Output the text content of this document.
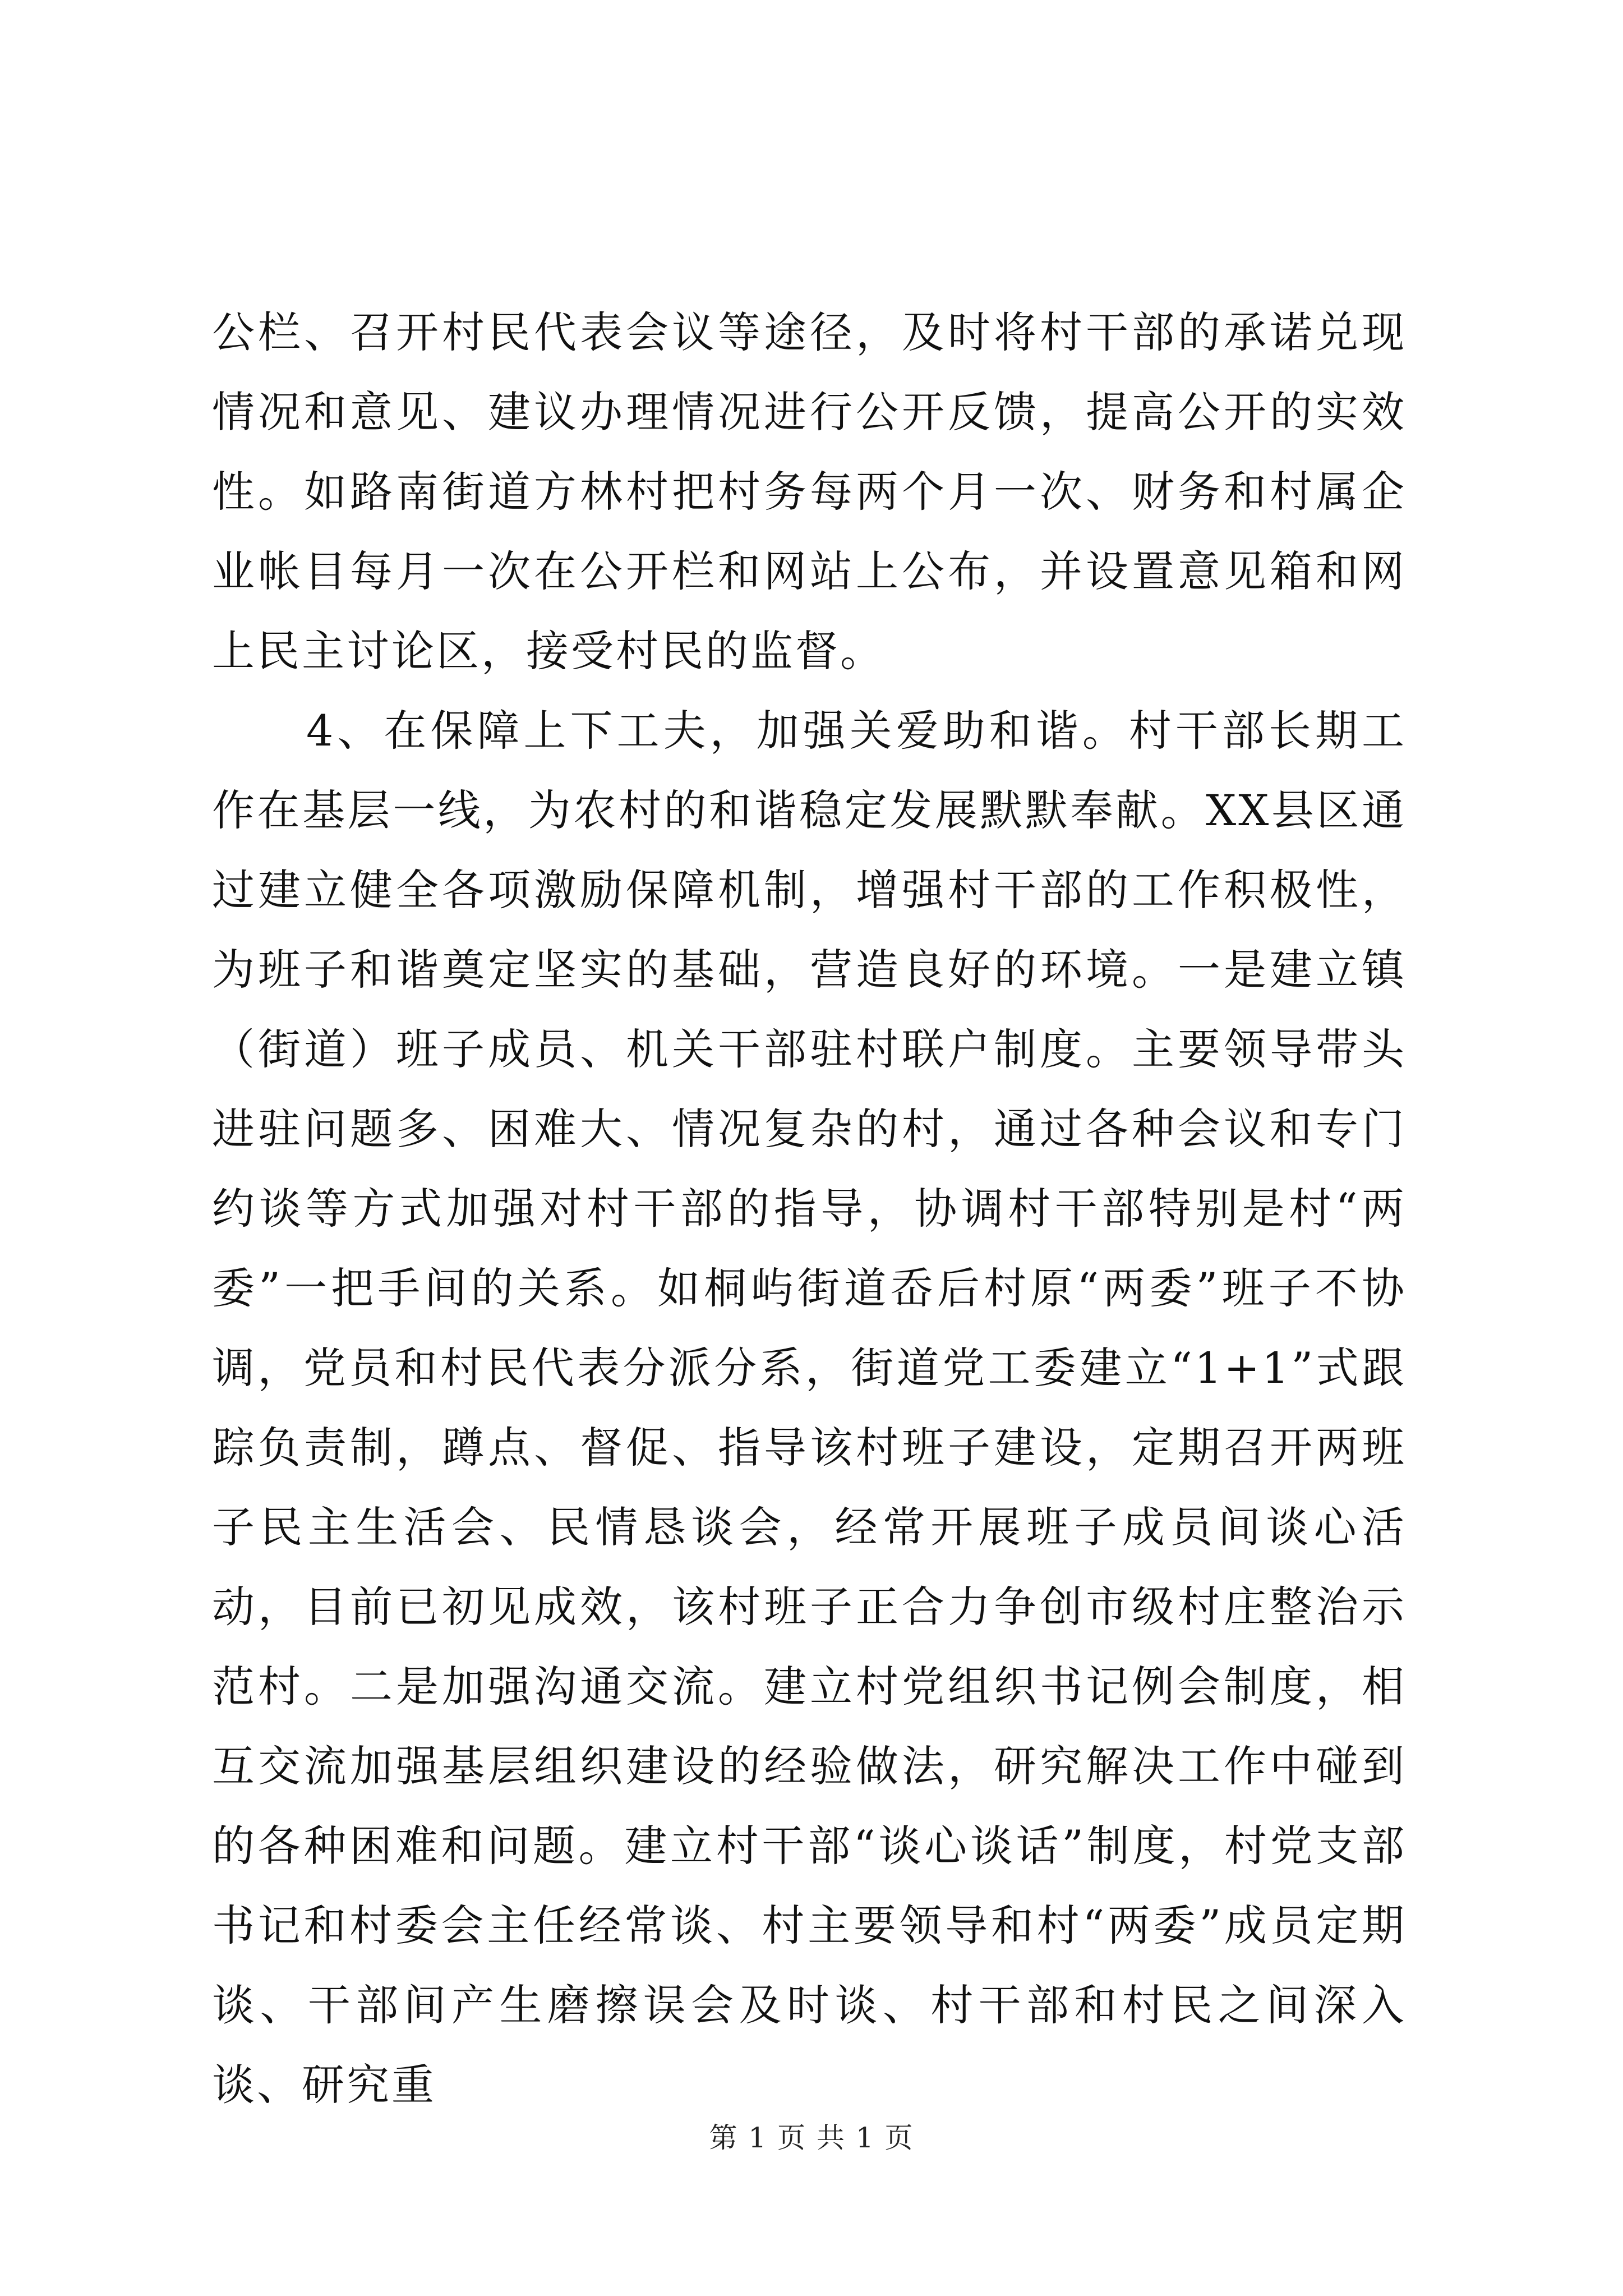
公栏、召开村民代表会议等途径，及时将村干部的承诺兑现情况和意见、建议办理情况进行公开反馈，提高公开的实效性。如路南街道方林村把村务每两个月一次、财务和村属企业帐目每月一次在公开栏和网站上公布，并设置意见箱和网上民主讨论区，接受村民的监督。

4、在保障上下工夫，加强关爱助和谐。村干部长期工作在基层一线，为农村的和谐稳定发展默默奉献。XX县区通过建立健全各项激励保障机制，增强村干部的工作积极性，为班子和谐奠定坚实的基础，营造良好的环境。一是建立镇（街道）班子成员、机关干部驻村联户制度。主要领导带头进驻问题多、困难大、情况复杂的村，通过各种会议和专门约谈等方式加强对村干部的指导，协调村干部特别是村“两委”一把手间的关系。如桐屿街道岙后村原“两委”班子不协调，党员和村民代表分派分系，街道党工委建立“1+1”式跟踪负责制，蹲点、督促、指导该村班子建设，定期召开两班子民主生活会、民情恳谈会，经常开展班子成员间谈心活动，目前已初见成效，该村班子正合力争创市级村庄整治示范村。二是加强沟通交流。建立村党组织书记例会制度，相互交流加强基层组织建设的经验做法，研究解决工作中碰到的各种困难和问题。建立村干部“谈心谈话”制度，村党支部书记和村委会主任经常谈、村主要领导和村“两委”成员定期谈、干部间产生磨擦误会及时谈、村干部和村民之间深入谈、研究重

第 1 页 共 1 页
